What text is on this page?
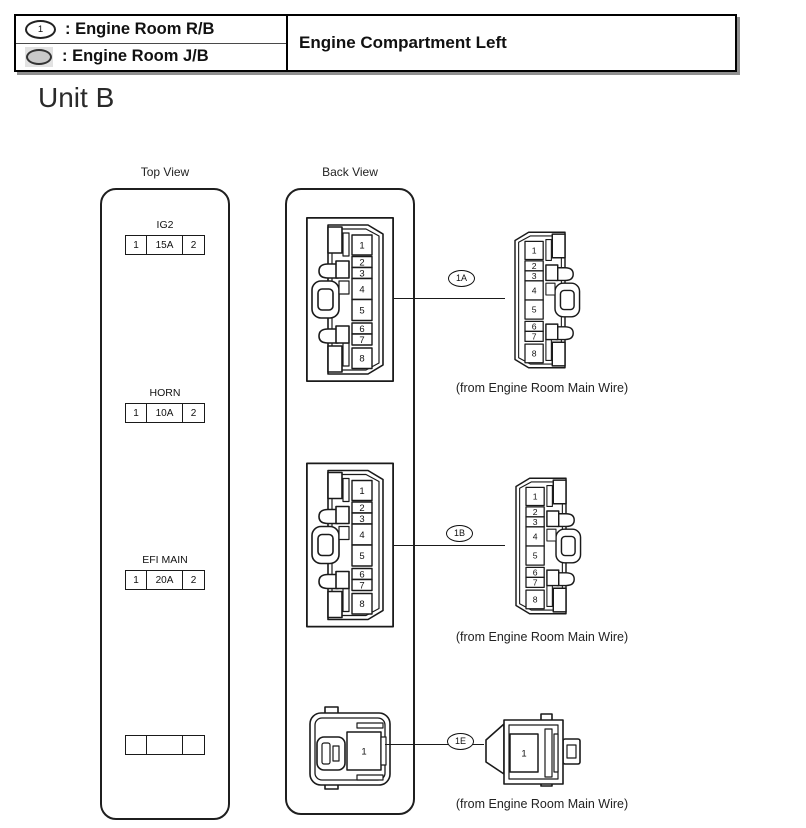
1 : Engine Room R/B
: Engine Room J/B
Engine Compartment Left
Unit B
Top View	Back View
IG2
1	15A	2
HORN
1	10A	2
EFI MAIN
1	20A	2
1
2
3
4
5
6
7
8
1
2
3
4
5
6
7
8
1
2
3
4
5
6
7
8
1
2
3
4
5
6
7
8
1	1
1A
1B
1E
(from Engine Room Main Wire)
(from Engine Room Main Wire)
(from Engine Room Main Wire)
